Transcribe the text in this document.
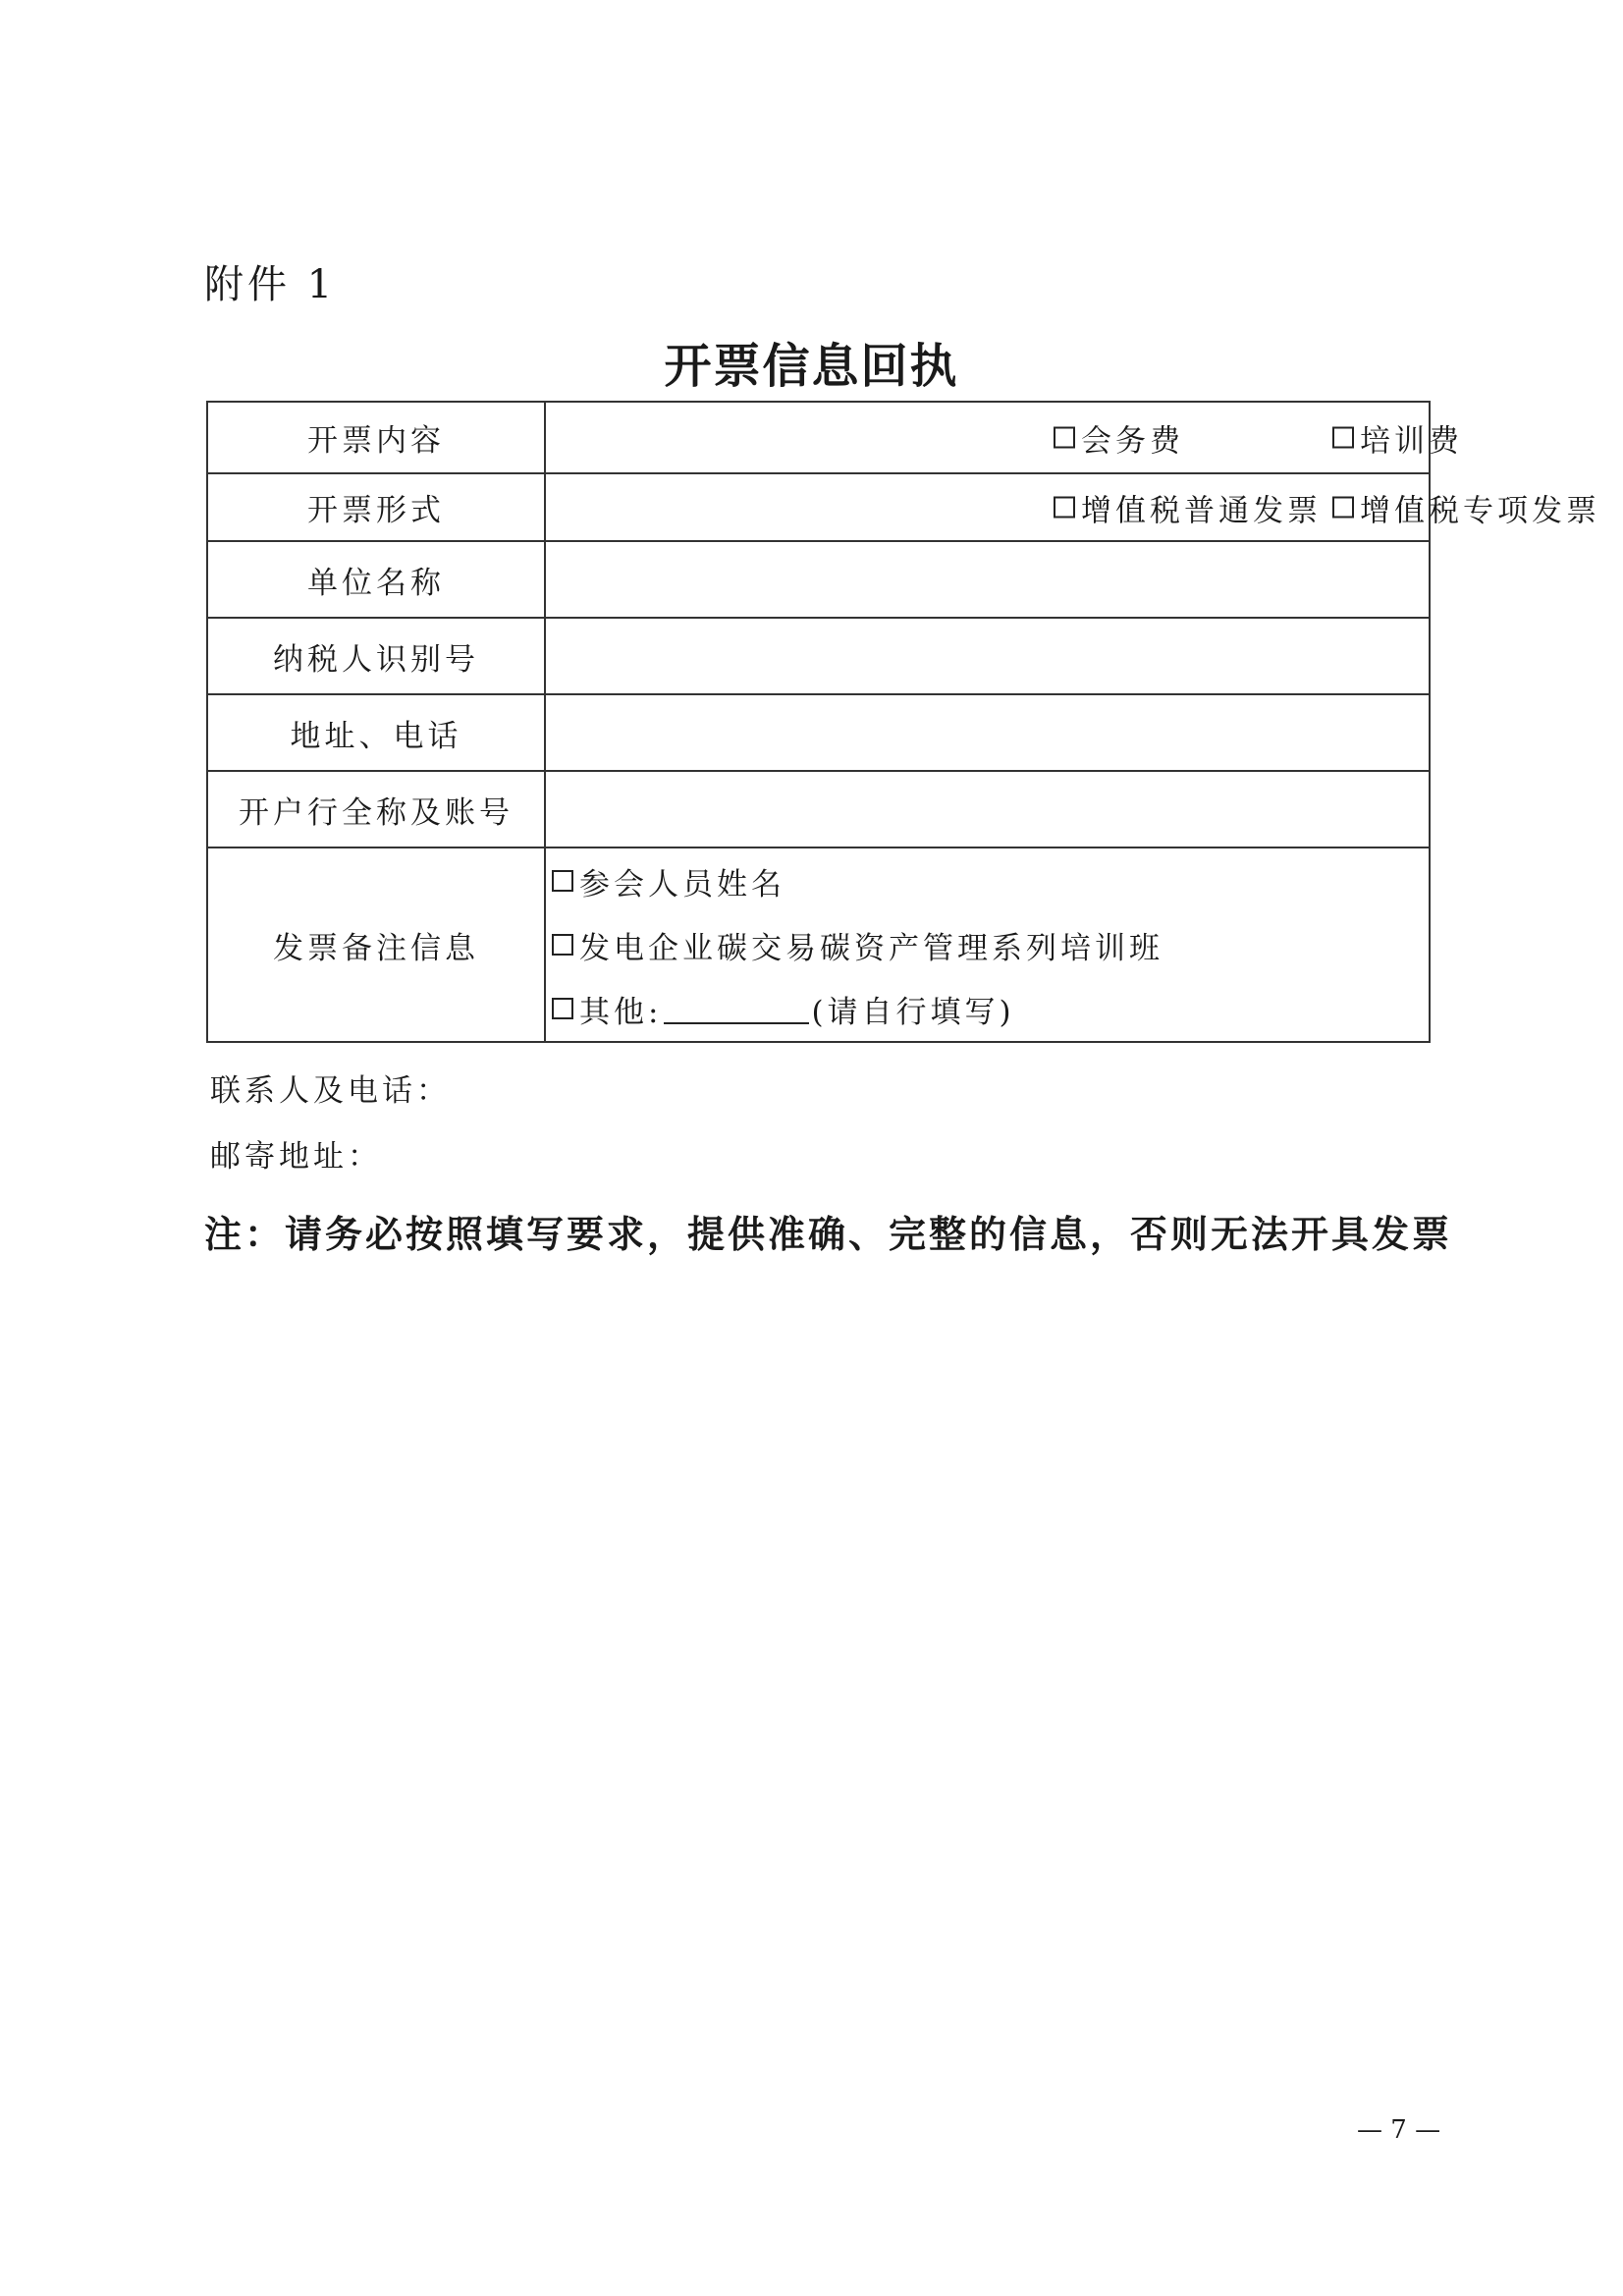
附件 1
开票信息回执
开票内容	会务费 培训费

开票形式	增值税普通发票 增值税专项发票

单位名称	
纳税人识别号	
地址、电话	
开户行全称及账号	
发票备注信息	参会人员姓名
发电企业碳交易碳资产管理系列培训班
其他: (请自行填写)
联系人及电话：
邮寄地址：
注：请务必按照填写要求，提供准确、完整的信息，否则无法开具发票
— 7 —
